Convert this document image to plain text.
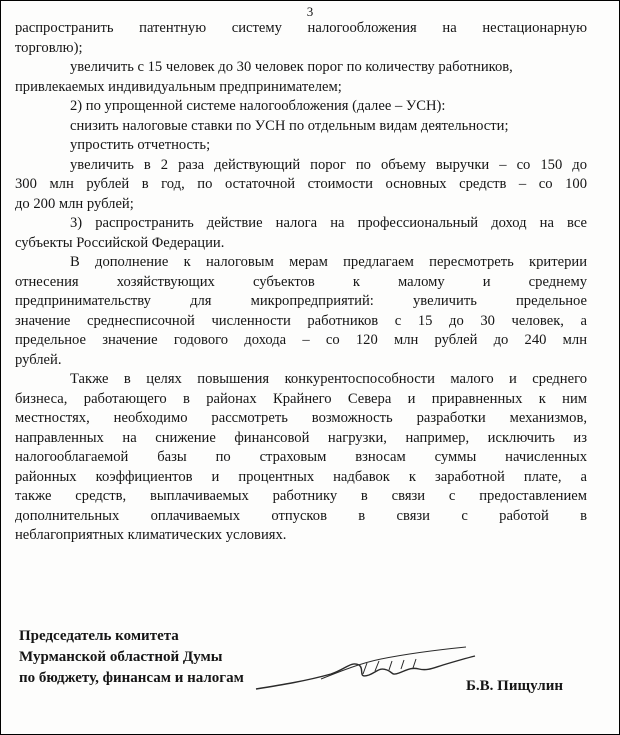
3
распространить патентную систему налогообложения на нестационарную
торговлю);
увеличить с 15 человек до 30 человек порог по количеству работников,
привлекаемых индивидуальным предпринимателем;
2) по упрощенной системе налогообложения (далее – УСН):
снизить налоговые ставки по УСН по отдельным видам деятельности;
упростить отчетность;
увеличить в 2 раза действующий порог по объему выручки – со 150 до
300 млн рублей в год, по остаточной стоимости основных средств – со 100
до 200 млн рублей;
3) распространить действие налога на профессиональный доход на все
субъекты Российской Федерации.
В дополнение к налоговым мерам предлагаем пересмотреть критерии
отнесения хозяйствующих субъектов к малому и среднему
предпринимательству для микропредприятий: увеличить предельное
значение среднесписочной численности работников с 15 до 30 человек, а
предельное значение годового дохода – со 120 млн рублей до 240 млн
рублей.
Также в целях повышения конкурентоспособности малого и среднего
бизнеса, работающего в районах Крайнего Севера и приравненных к ним
местностях, необходимо рассмотреть возможность разработки механизмов,
направленных на снижение финансовой нагрузки, например, исключить из
налогооблагаемой базы по страховым взносам суммы начисленных
районных коэффициентов и процентных надбавок к заработной плате, а
также средств, выплачиваемых работнику в связи с предоставлением
дополнительных оплачиваемых отпусков в связи с работой в
неблагоприятных климатических условиях.
Председатель комитета
Мурманской областной Думы
по бюджету, финансам и налогам	Б.В. Пищулин
